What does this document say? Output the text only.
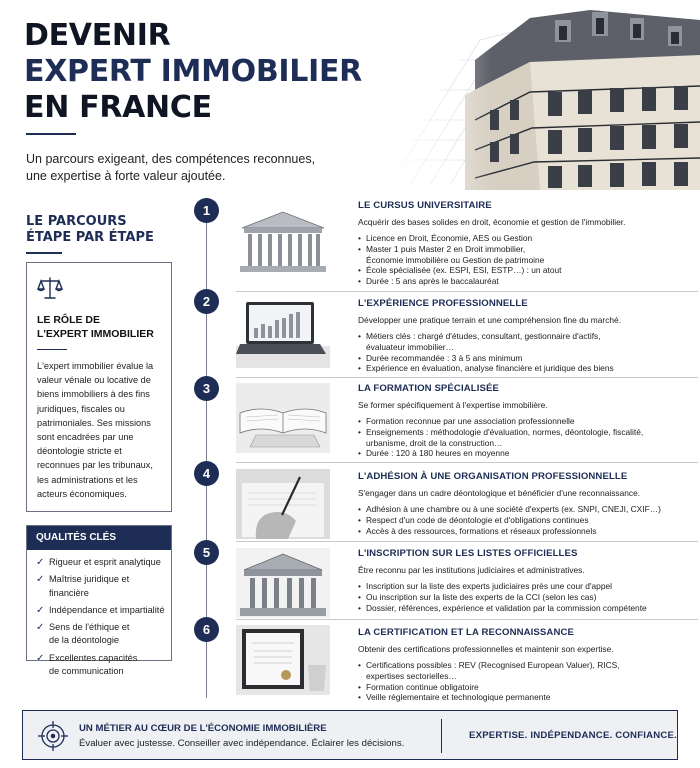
DEVENIR
EXPERT IMMOBILIER
EN FRANCE
Un parcours exigeant, des compétences reconnues,
une expertise à forte valeur ajoutée.
LE PARCOURS
ÉTAPE PAR ÉTAPE
LE RÔLE DE
L'EXPERT IMMOBILIER
L'expert immobilier évalue la valeur vénale ou locative de biens immobiliers à des fins juridiques, fiscales ou patrimoniales. Ses missions sont encadrées par une déontologie stricte et reconnues par les tribunaux, les administrations et les acteurs économiques.
QUALITÉS CLÉS
✓ Rigueur et esprit analytique
✓ Maîtrise juridique et financière
✓ Indépendance et impartialité
✓ Sens de l'éthique et de la déontologie
✓ Excellentes capacités de communication
1
2
3
4
5
6
LE CURSUS UNIVERSITAIRE
Acquérir des bases solides en droit, économie et gestion de l'immobilier.
• Licence en Droit, Économie, AES ou Gestion
• Master 1 puis Master 2 en Droit immobilier, Économie immobilière ou Gestion de patrimoine
• École spécialisée (ex. ESPI, ESI, ESTP…) : un atout
• Durée : 5 ans après le baccalauréat
L'EXPÉRIENCE PROFESSIONNELLE
Développer une pratique terrain et une compréhension fine du marché.
• Métiers clés : chargé d'études, consultant, gestionnaire d'actifs, évaluateur immobilier…
• Durée recommandée : 3 à 5 ans minimum
• Expérience en évaluation, analyse financière et juridique des biens
LA FORMATION SPÉCIALISÉE
Se former spécifiquement à l'expertise immobilière.
• Formation reconnue par une association professionnelle
• Enseignements : méthodologie d'évaluation, normes, déontologie, fiscalité, urbanisme, droit de la construction…
• Durée : 120 à 180 heures en moyenne
L'ADHÉSION À UNE ORGANISATION PROFESSIONNELLE
S'engager dans un cadre déontologique et bénéficier d'une reconnaissance.
• Adhésion à une chambre ou à une société d'experts (ex. SNPI, CNEJI, CXIF…)
• Respect d'un code de déontologie et d'obligations continues
• Accès à des ressources, formations et réseaux professionnels
L'INSCRIPTION SUR LES LISTES OFFICIELLES
Être reconnu par les institutions judiciaires et administratives.
• Inscription sur la liste des experts judiciaires près une cour d'appel
• Ou inscription sur la liste des experts de la CCI (selon les cas)
• Dossier, références, expérience et validation par la commission compétente
LA CERTIFICATION ET LA RECONNAISSANCE
Obtenir des certifications professionnelles et maintenir son expertise.
• Certifications possibles : REV (Recognised European Valuer), RICS, expertises sectorielles…
• Formation continue obligatoire
• Veille réglementaire et technologique permanente
UN MÉTIER AU CŒUR DE L'ÉCONOMIE IMMOBILIÈRE
Évaluer avec justesse. Conseiller avec indépendance. Éclairer les décisions.
EXPERTISE. INDÉPENDANCE. CONFIANCE.
